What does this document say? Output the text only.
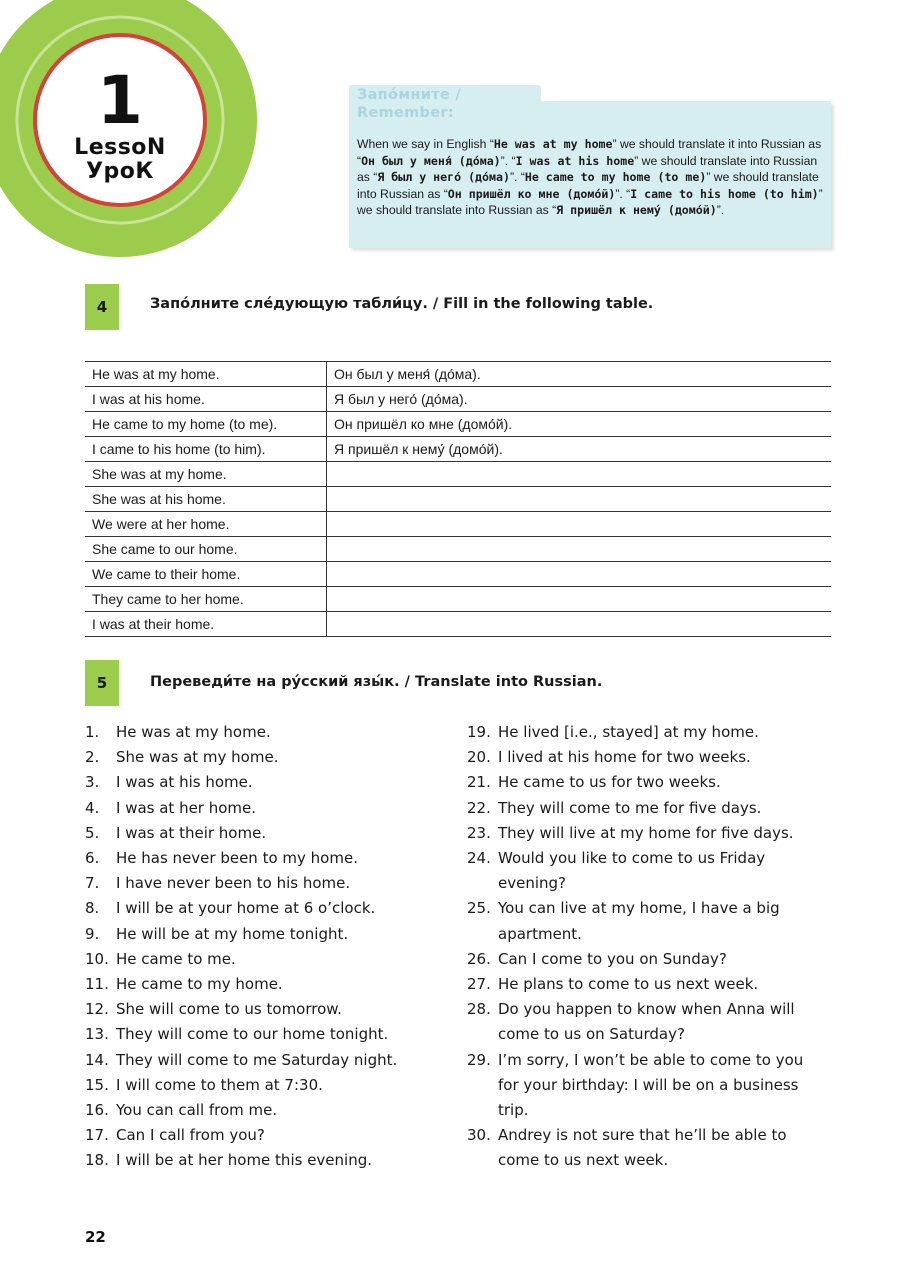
1
LessoN
УроК
Запо́мните /
Remember:
When we say in English “He was at my home” we should translate it into Russian as “Он был у меня́ (до́ма)”. “I was at his home” we should translate into Russian as “Я был у него́ (до́ма)”. “He came to my home (to me)” we should translate into Russian as “Он пришёл ко мне (домо́й)”. “I came to his home (to him)” we should translate into Russian as “Я пришёл к нему́ (домо́й)”.
4	Запо́лните сле́дующую табли́цу. / Fill in the following table.
He was at my home.	Он был у меня́ (до́ма).
I was at his home.	Я был у него́ (до́ма).
He came to my home (to me).	Он пришёл ко мне (домо́й).
I came to his home (to him).	Я пришёл к нему́ (домо́й).
She was at my home.	
She was at his home.	
We were at her home.	
She came to our home.	
We came to their home.	
They came to her home.	
I was at their home.	
5	Переведи́те на ру́сский язы́к. / Translate into Russian.
1. He was at my home.
2. She was at my home.
3. I was at his home.
4. I was at her home.
5. I was at their home.
6. He has never been to my home.
7. I have never been to his home.
8. I will be at your home at 6 o’clock.
9. He will be at my home tonight.
10. He came to me.
11. He came to my home.
12. She will come to us tomorrow.
13. They will come to our home tonight.
14. They will come to me Saturday night.
15. I will come to them at 7:30.
16. You can call from me.
17. Can I call from you?
18. I will be at her home this evening.
19. He lived [i.e., stayed] at my home.
20. I lived at his home for two weeks.
21. He came to us for two weeks.
22. They will come to me for five days.
23. They will live at my home for five days.
24. Would you like to come to us Friday
evening?
25. You can live at my home, I have a big
apartment.
26. Can I come to you on Sunday?
27. He plans to come to us next week.
28. Do you happen to know when Anna will
come to us on Saturday?
29. I’m sorry, I won’t be able to come to you
for your birthday: I will be on a business
trip.
30. Andrey is not sure that he’ll be able to
come to us next week.
22
